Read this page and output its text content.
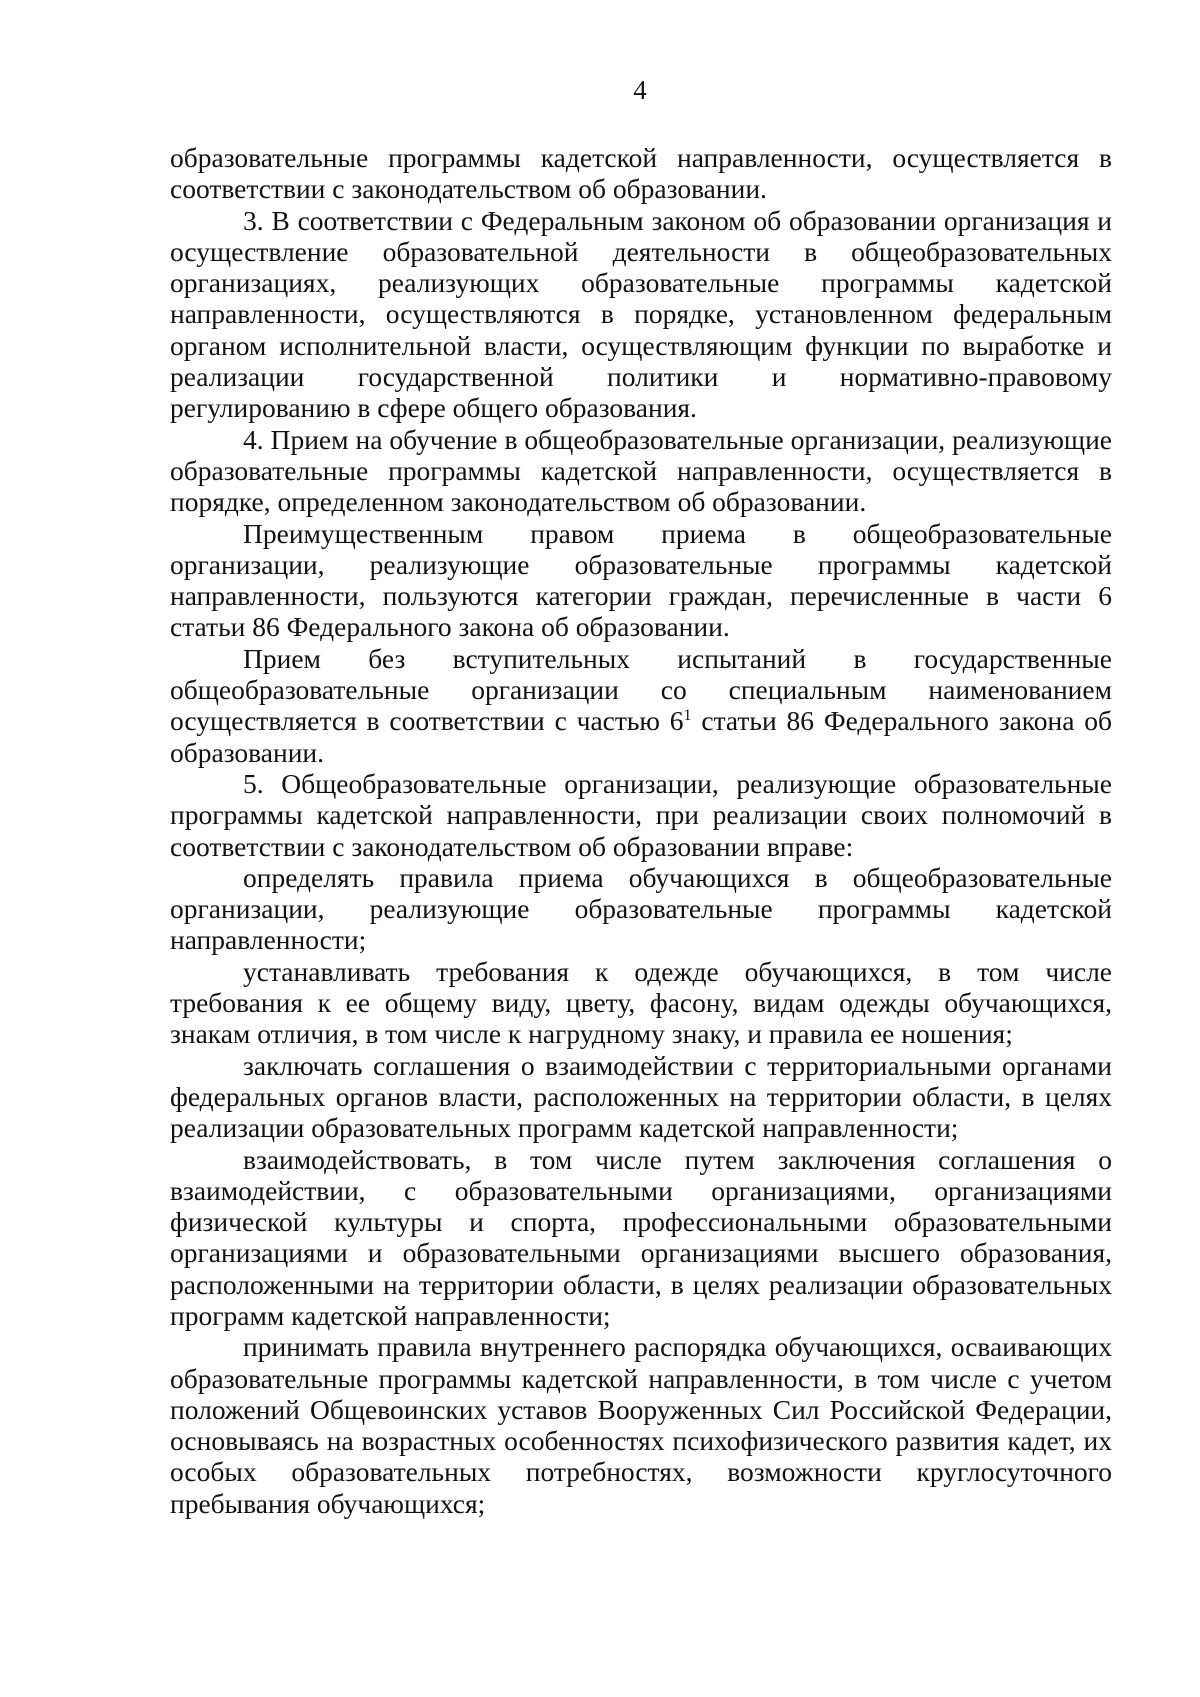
4

образовательные программы кадетской направленности, осуществляется в соответствии с законодательством об образовании.

3. В соответствии с Федеральным законом об образовании организация и осуществление образовательной деятельности в общеобразовательных организациях, реализующих образовательные программы кадетской направленности, осуществляются в порядке, установленном федеральным органом исполнительной власти, осуществляющим функции по выработке и реализации государственной политики и нормативно-правовому регулированию в сфере общего образования.

4. Прием на обучение в общеобразовательные организации, реализующие образовательные программы кадетской направленности, осуществляется в порядке, определенном законодательством об образовании.

Преимущественным правом приема в общеобразовательные организации, реализующие образовательные программы кадетской направленности, пользуются категории граждан, перечисленные в части 6 статьи 86 Федерального закона об образовании.

Прием без вступительных испытаний в государственные общеобразовательные организации со специальным наименованием осуществляется в соответствии с частью $6^1$ статьи 86 Федерального закона об образовании.

5. Общеобразовательные организации, реализующие образовательные программы кадетской направленности, при реализации своих полномочий в соответствии с законодательством об образовании вправе:

определять правила приема обучающихся в общеобразовательные организации, реализующие образовательные программы кадетской направленности;

устанавливать требования к одежде обучающихся, в том числе требования к ее общему виду, цвету, фасону, видам одежды обучающихся, знакам отличия, в том числе к нагрудному знаку, и правила ее ношения;

заключать соглашения о взаимодействии с территориальными органами федеральных органов власти, расположенных на территории области, в целях реализации образовательных программ кадетской направленности;

взаимодействовать, в том числе путем заключения соглашения о взаимодействии, с образовательными организациями, организациями физической культуры и спорта, профессиональными образовательными организациями и образовательными организациями высшего образования, расположенными на территории области, в целях реализации образовательных программ кадетской направленности;

принимать правила внутреннего распорядка обучающихся, осваивающих образовательные программы кадетской направленности, в том числе с учетом положений Общевоинских уставов Вооруженных Сил Российской Федерации, основываясь на возрастных особенностях психофизического развития кадет, их особых образовательных потребностях, возможности круглосуточного пребывания обучающихся;
